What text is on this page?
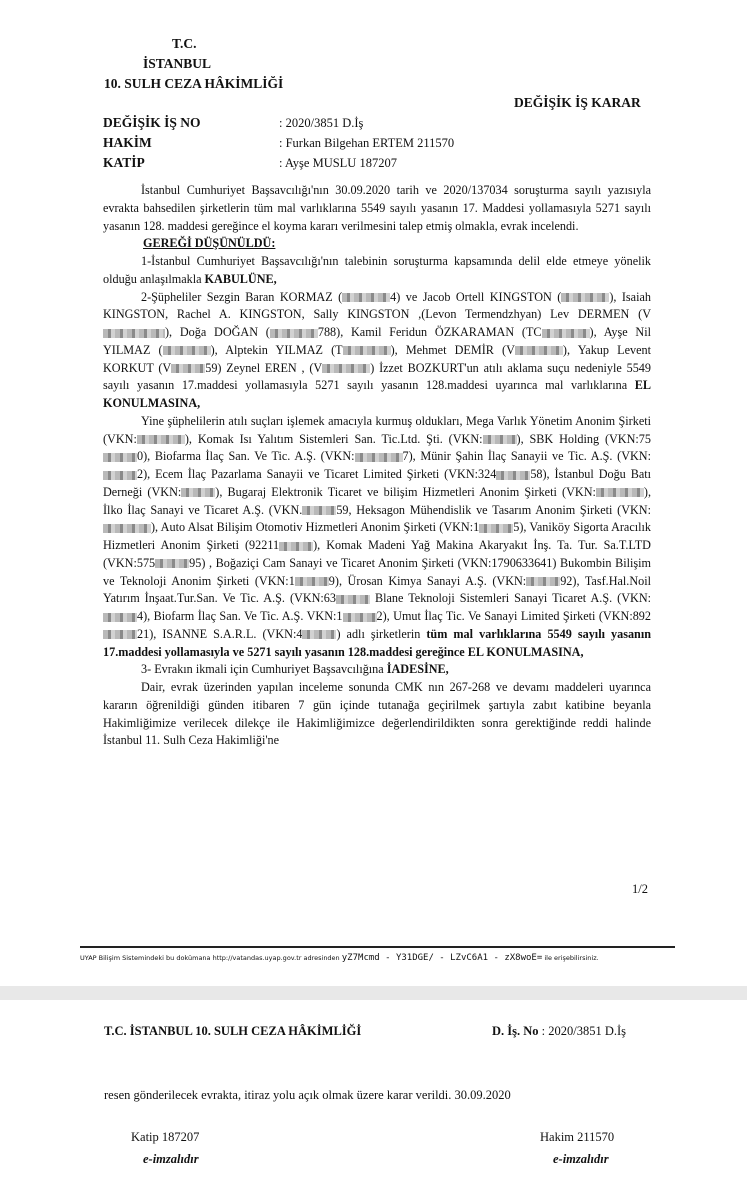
T.C.
İSTANBUL
10. SULH CEZA HÂKİMLİĞİ
DEĞİŞİK İŞ KARAR
DEĞİŞİK İŞ NO	: 2020/3851 D.İş
HAKİM	: Furkan Bilgehan ERTEM 211570
KATİP	: Ayşe MUSLU 187207

İstanbul Cumhuriyet Başsavcılığı'nın 30.09.2020 tarih ve 2020/137034 soruşturma sayılı yazısıyla evrakta bahsedilen şirketlerin tüm mal varlıklarına 5549 sayılı yasanın 17. Maddesi yollamasıyla 5271 sayılı yasanın 128. maddesi gereğince el koyma kararı verilmesini talep etmiş olmakla, evrak incelendi.

GEREĞİ DÜŞÜNÜLDÜ:

1-İstanbul Cumhuriyet Başsavcılığı'nın talebinin soruşturma kapsamında delil elde etmeye yönelik olduğu anlaşılmakla KABULÜNE,

2-Şüpheliler Sezgin Baran KORMAZ (	4) ve Jacob Ortell KINGSTON (	), Isaiah KINGSTON, Rachel A. KINGSTON, Sally KINGSTON ,(Levon Termendzhyan) Lev DERMEN (V), Doğa DOĞAN (	788), Kamil Feridun ÖZKARAMAN (TC	), Ayşe Nil YILMAZ (	), Alptekin YILMAZ (T	), Mehmet DEMİR (V	), Yakup Levent KORKUT (V	59) Zeynel EREN , (V	) İzzet BOZKURT'un atılı aklama suçu nedeniyle 5549 sayılı yasanın 17.maddesi yollamasıyla 5271 sayılı yasanın 128.maddesi uyarınca mal varlıklarına EL KONULMASINA,

Yine şüphelilerin atılı suçları işlemek amacıyla kurmuş oldukları, Mega Varlık Yönetim Anonim Şirketi (VKN:	), Komak Isı Yalıtım Sistemleri San. Tic.Ltd. Şti. (VKN:	), SBK Holding (VKN:750), Biofarma İlaç San. Ve Tic. A.Ş. (VKN:	7), Münir Şahin İlaç Sanayii ve Tic. A.Ş. (VKN:2), Ecem İlaç Pazarlama Sanayii ve Ticaret Limited Şirketi (VKN:324	58), İstanbul Doğu Batı Derneği (VKN:	), Bugaraj Elektronik Ticaret ve bilişim Hizmetleri Anonim Şirketi (VKN:	), İlko İlaç Sanayi ve Ticaret A.Ş. (VKN.	59, Heksagon Mühendislik ve Tasarım Anonim Şirketi (VKN:), Auto Alsat Bilişim Otomotiv Hizmetleri Anonim Şirketi (VKN:1	5), Vaniköy Sigorta Aracılık Hizmetleri Anonim Şirketi (92211	), Komak Madeni Yağ Makina Akaryakıt İnş. Ta. Tur. Sa.T.LTD (VKN:575	95) , Boğaziçi Cam Sanayi ve Ticaret Anonim Şirketi (VKN:1790633641) Bukombin Bilişim ve Teknoloji Anonim Şirketi (VKN:1	9), Ürosan Kimya Sanayi A.Ş. (VKN:	92), Tasf.Hal.Noil Yatırım İnşaat.Tur.San. Ve Tic. A.Ş. (VKN:63	Blane Teknoloji Sistemleri Sanayi Ticaret A.Ş. (VKN:4), Biofarm İlaç San. Ve Tic. A.Ş. VKN:1	2), Umut İlaç Tic. Ve Sanayi Limited Şirketi (VKN:89221), ISANNE S.A.R.L. (VKN:4	) adlı şirketlerin tüm mal varlıklarına 5549 sayılı yasanın 17.maddesi yollamasıyla ve 5271 sayılı yasanın 128.maddesi gereğince EL KONULMASINA,

3- Evrakın ikmali için Cumhuriyet Başsavcılığına İADESİNE,

Dair, evrak üzerinden yapılan inceleme sonunda CMK nın 267-268 ve devamı maddeleri uyarınca kararın öğrenildiği günden itibaren 7 gün içinde tutanağa geçirilmek şartıyla zabıt katibine beyanla Hakimliğimize verilecek dilekçe ile Hakimliğimizce değerlendirildikten sonra gerektiğinde reddi halinde İstanbul 11. Sulh Ceza Hakimliği'ne

1/2
UYAP Bilişim Sistemindeki bu dokümana http://vatandas.uyap.gov.tr adresinden yZ7Mcmd - Y31DGE/ - LZvC6A1 - zX8woE= ile erişebilirsiniz.
T.C. İSTANBUL 10. SULH CEZA HÂKİMLİĞİ	D. İş. No : 2020/3851 D.İş
resen gönderilecek evrakta, itiraz yolu açık olmak üzere karar verildi. 30.09.2020
Katip 187207
e-imzalıdır
Hakim 211570
e-imzalıdır
